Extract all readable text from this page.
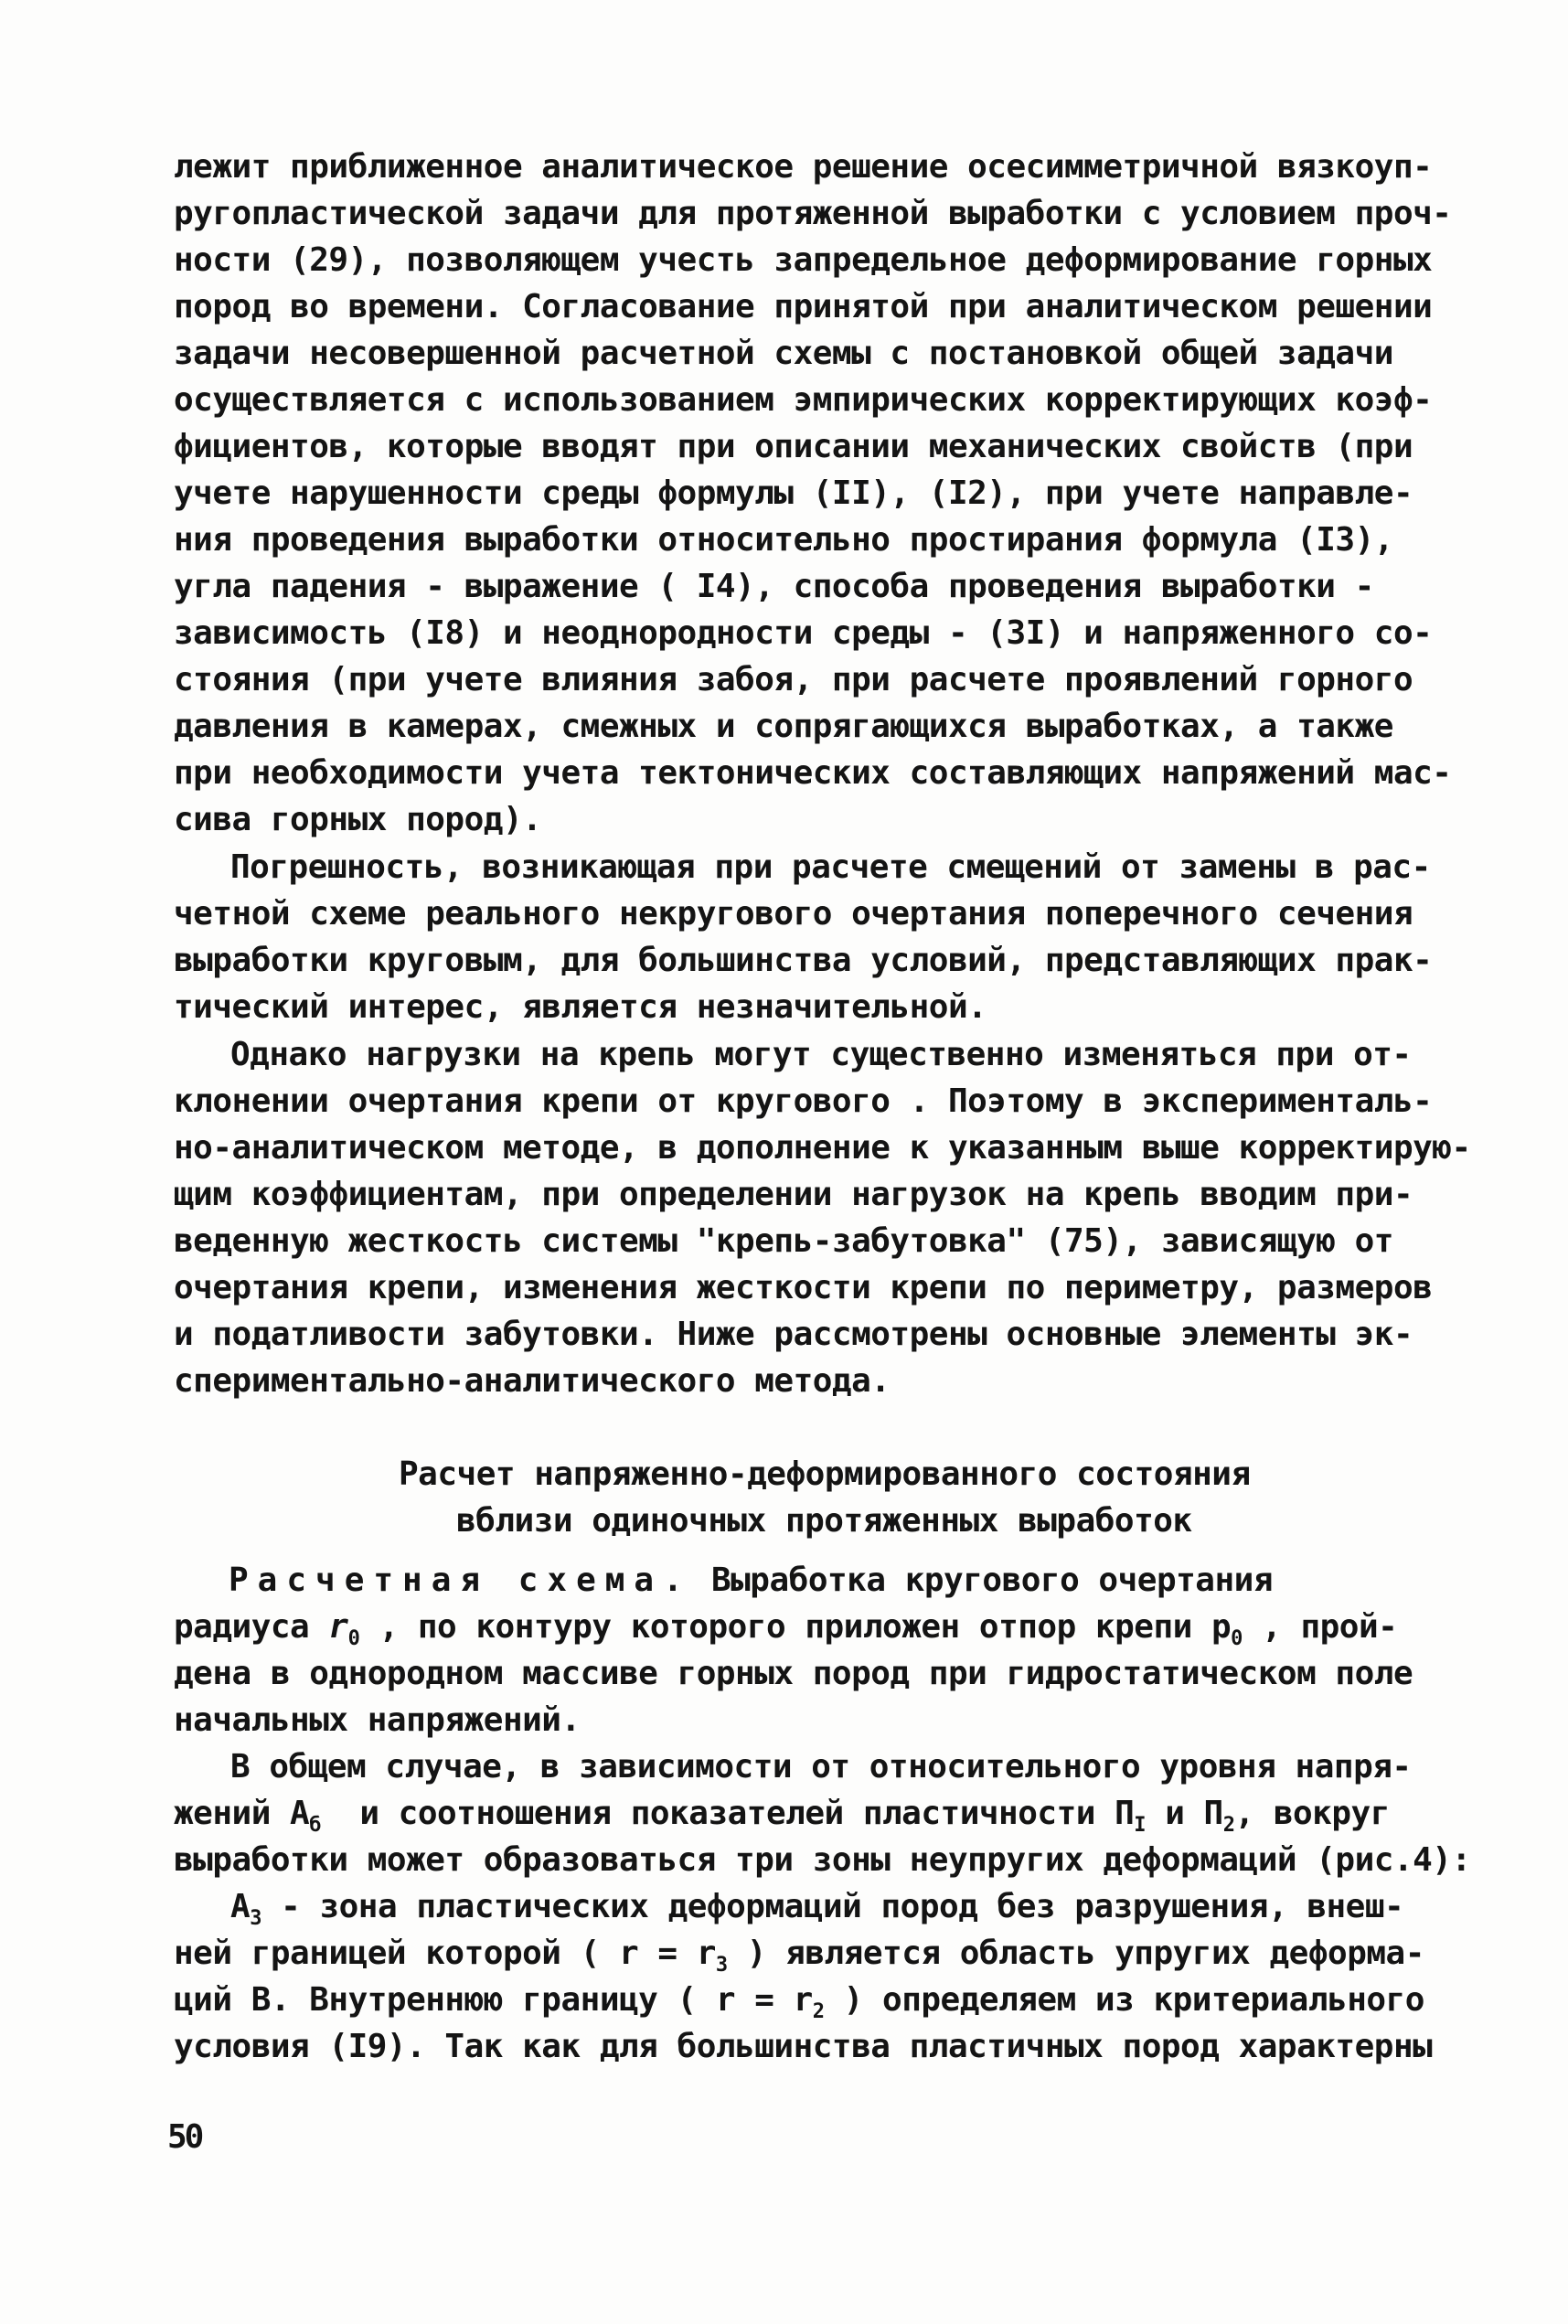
лежит приближенное аналитическое решение осесимметричной вязкоуп-
ругопластической задачи для протяженной выработки с условием проч-
ности (29), позволяющем учесть запредельное деформирование горных
пород во времени. Согласование принятой при аналитическом решении
задачи несовершенной расчетной схемы с постановкой общей задачи
осуществляется с использованием эмпирических корректирующих коэф-
фициентов, которые вводят при описании механических свойств (при
учете нарушенности среды формулы (II), (I2), при учете направле-
ния проведения выработки относительно простирания формула (I3),
угла падения - выражение ( I4), способа проведения выработки -
зависимость (I8) и неоднородности среды - (3I) и напряженного со-
стояния (при учете влияния забоя, при расчете проявлений горного
давления в камерах, смежных и сопрягающихся выработках, а также
при необходимости учета тектонических составляющих напряжений мас-
сива горных пород).
Погрешность, возникающая при расчете смещений от замены в рас-
четной схеме реального некругового очертания поперечного сечения
выработки круговым, для большинства условий, представляющих прак-
тический интерес, является незначительной.
Однако нагрузки на крепь могут существенно изменяться при от-
клонении очертания крепи от кругового . Поэтому в эксперименталь-
но-аналитическом методе, в дополнение к указанным выше корректирую-
щим коэффициентам, при определении нагрузок на крепь вводим при-
веденную жесткость системы "крепь-забутовка" (75), зависящую от
очертания крепи, изменения жесткости крепи по периметру, размеров
и податливости забутовки. Ниже рассмотрены основные элементы эк-
спериментально-аналитического метода.
Расчет напряженно-деформированного состояния
вблизи одиночных протяженных выработок
Расчетная схема. Выработка кругового очертания
радиуса $r_0$ , по контуру которого приложен отпор крепи $p_0$ , прой-
дена в однородном массиве горных пород при гидростатическом поле
начальных напряжений.
В общем случае, в зависимости от относительного уровня напря-
жений $A_б$  и соотношения показателей пластичности $П_I$ и $П_2$, вокруг
выработки может образоваться три зоны неупругих деформаций (рис.4):
$A_3$ - зона пластических деформаций пород без разрушения, внеш-
ней границей которой ( $r = r_3$ ) является область упругих деформа-
ций B. Внутреннюю границу ( $r = r_2$ ) определяем из критериального
условия (I9). Так как для большинства пластичных пород характерны
50
